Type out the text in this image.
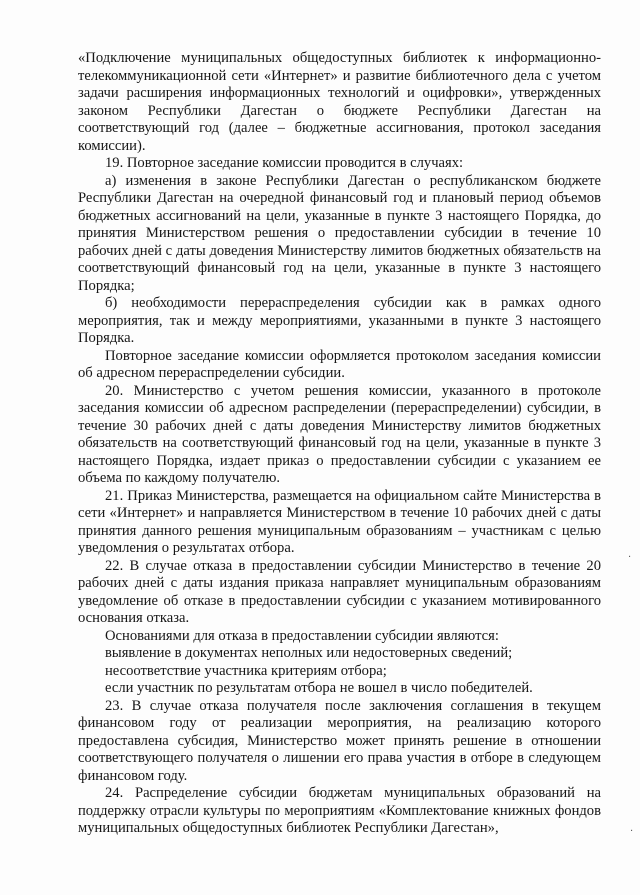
«Подключение муниципальных общедоступных библиотек к информационно-телекоммуникационной сети «Интернет» и развитие библиотечного дела с учетом задачи расширения информационных технологий и оцифровки», утвержденных законом Республики Дагестан о бюджете Республики Дагестан на соответствующий год (далее – бюджетные ассигнования, протокол заседания комиссии).

19. Повторное заседание комиссии проводится в случаях:

а) изменения в законе Республики Дагестан о республиканском бюджете Республики Дагестан на очередной финансовый год и плановый период объемов бюджетных ассигнований на цели, указанные в пункте 3 настоящего Порядка, до принятия Министерством решения о предоставлении субсидии в течение 10 рабочих дней с даты доведения Министерству лимитов бюджетных обязательств на соответствующий финансовый год на цели, указанные в пункте 3 настоящего Порядка;

б) необходимости перераспределения субсидии как в рамках одного мероприятия, так и между мероприятиями, указанными в пункте 3 настоящего Порядка.

Повторное заседание комиссии оформляется протоколом заседания комиссии об адресном перераспределении субсидии.

20. Министерство с учетом решения комиссии, указанного в протоколе заседания комиссии об адресном распределении (перераспределении) субсидии, в течение 30 рабочих дней с даты доведения Министерству лимитов бюджетных обязательств на соответствующий финансовый год на цели, указанные в пункте 3 настоящего Порядка, издает приказ о предоставлении субсидии с указанием ее объема по каждому получателю.

21. Приказ Министерства, размещается на официальном сайте Министерства в сети «Интернет» и направляется Министерством в течение 10 рабочих дней с даты принятия данного решения муниципальным образованиям – участникам с целью уведомления о результатах отбора.

22. В случае отказа в предоставлении субсидии Министерство в течение 20 рабочих дней с даты издания приказа направляет муниципальным образованиям уведомление об отказе в предоставлении субсидии с указанием мотивированного основания отказа.

Основаниями для отказа в предоставлении субсидии являются:

выявление в документах неполных или недостоверных сведений;

несоответствие участника критериям отбора;

если участник по результатам отбора не вошел в число победителей.

23. В случае отказа получателя после заключения соглашения в текущем финансовом году от реализации мероприятия, на реализацию которого предоставлена субсидия, Министерство может принять решение в отношении соответствующего получателя о лишении его права участия в отборе в следующем финансовом году.

24. Распределение субсидии бюджетам муниципальных образований на поддержку отрасли культуры по мероприятиям «Комплектование книжных фондов муниципальных общедоступных библиотек Республики Дагестан»,

·
·
